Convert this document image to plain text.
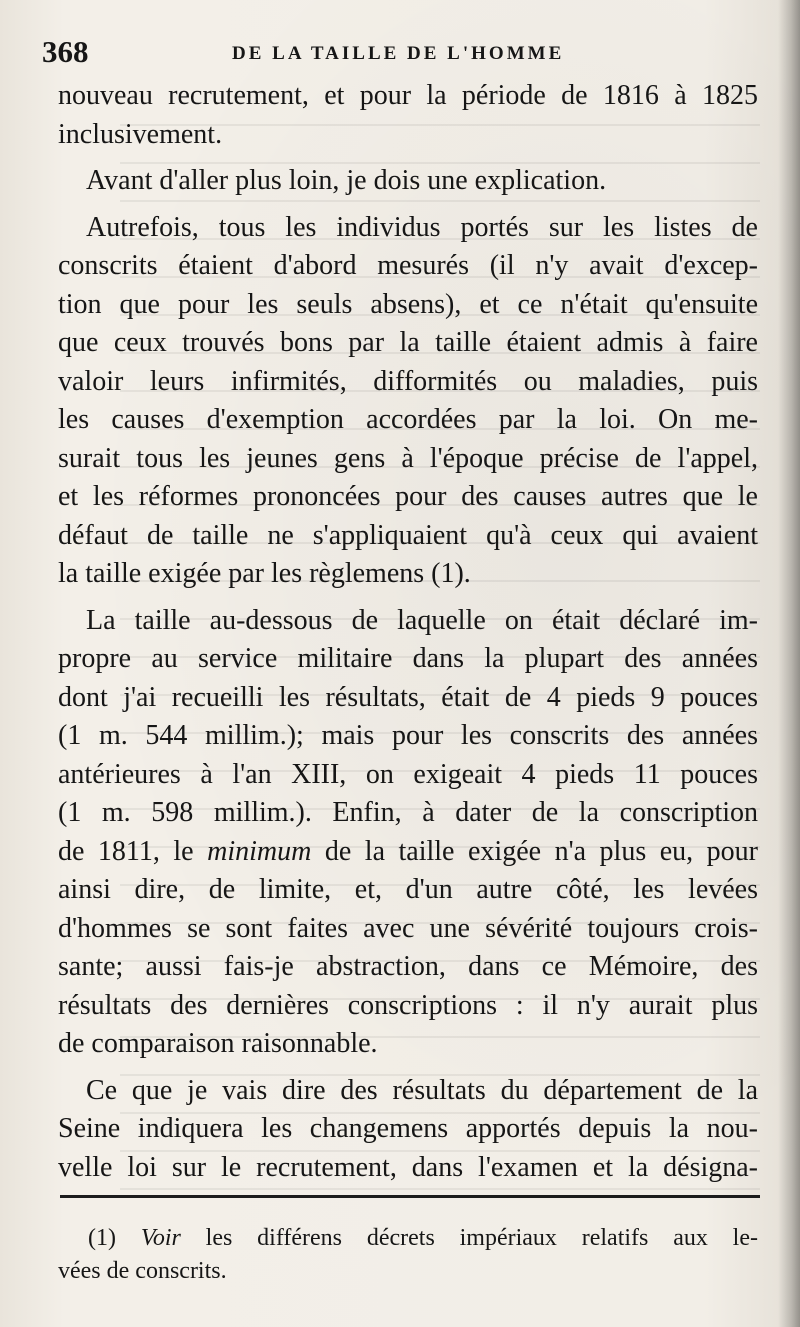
368	DE LA TAILLE DE L'HOMME
nouveau recrutement, et pour la période de 1816 à 1825
inclusivement.
Avant d'aller plus loin, je dois une explication.
Autrefois, tous les individus portés sur les listes de
conscrits étaient d'abord mesurés (il n'y avait d'excep-
tion que pour les seuls absens), et ce n'était qu'ensuite
que ceux trouvés bons par la taille étaient admis à faire
valoir leurs infirmités, difformités ou maladies, puis
les causes d'exemption accordées par la loi. On me-
surait tous les jeunes gens à l'époque précise de l'appel,
et les réformes prononcées pour des causes autres que le
défaut de taille ne s'appliquaient qu'à ceux qui avaient
la taille exigée par les règlemens (1).
La taille au-dessous de laquelle on était déclaré im-
propre au service militaire dans la plupart des années
dont j'ai recueilli les résultats, était de 4 pieds 9 pouces
(1 m. 544 millim.); mais pour les conscrits des années
antérieures à l'an XIII, on exigeait 4 pieds 11 pouces
(1 m. 598 millim.). Enfin, à dater de la conscription
de 1811, le minimum de la taille exigée n'a plus eu, pour
ainsi dire, de limite, et, d'un autre côté, les levées
d'hommes se sont faites avec une sévérité toujours crois-
sante; aussi fais-je abstraction, dans ce Mémoire, des
résultats des dernières conscriptions : il n'y aurait plus
de comparaison raisonnable.
Ce que je vais dire des résultats du département de la
Seine indiquera les changemens apportés depuis la nou-
velle loi sur le recrutement, dans l'examen et la désigna-
(1) Voir les différens décrets impériaux relatifs aux le-
vées de conscrits.
